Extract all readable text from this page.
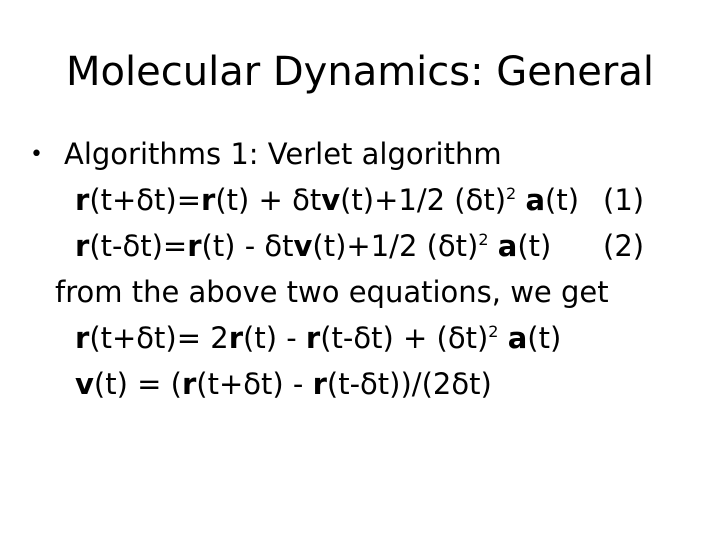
Molecular Dynamics: General
• Algorithms 1: Verlet algorithm
r(t+δt)=r(t) + δtv(t)+1/2 $(\delta t)^2$ a(t) (1)
r(t-δt)=r(t) - δtv(t)+1/2 $(\delta t)^2$ a(t) (2)
from the above two equations, we get
$r(t+\delta t)= 2r(t) - r(t-\delta t) + (\delta t)^2$ a(t)
v(t) = (r(t+δt) - r(t-δt))/(2δt)
